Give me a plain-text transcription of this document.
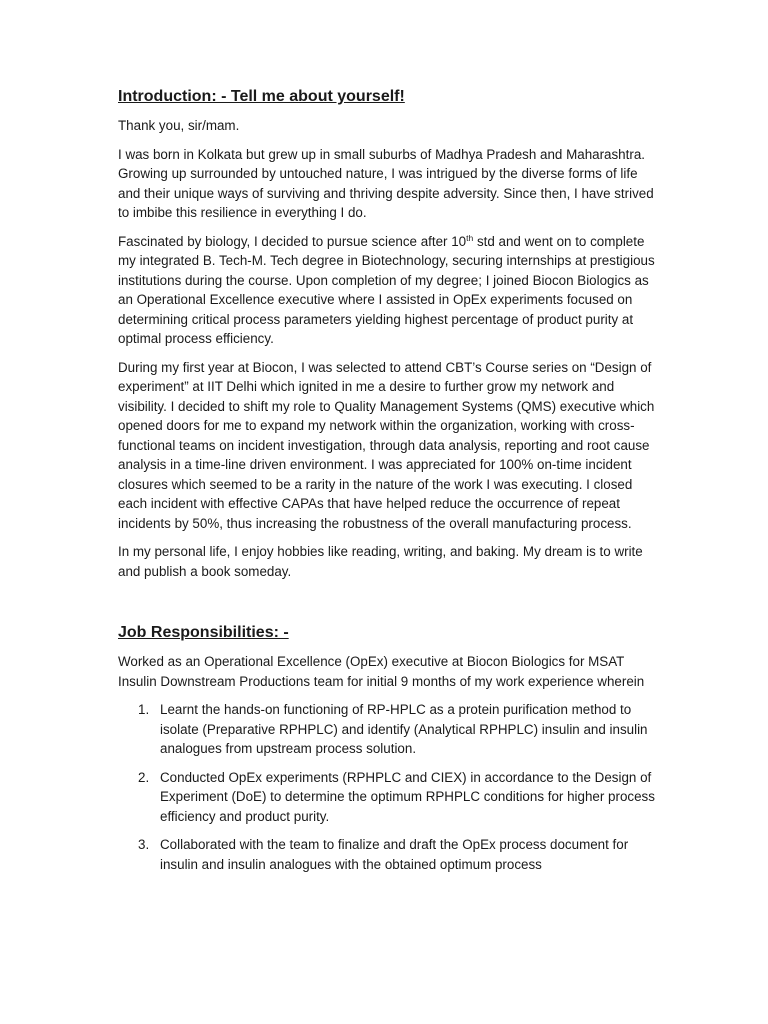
Introduction: - Tell me about yourself!

Thank you, sir/mam.

I was born in Kolkata but grew up in small suburbs of Madhya Pradesh and Maharashtra. Growing up surrounded by untouched nature, I was intrigued by the diverse forms of life and their unique ways of surviving and thriving despite adversity. Since then, I have strived to imbibe this resilience in everything I do.

Fascinated by biology, I decided to pursue science after 10th std and went on to complete my integrated B. Tech-M. Tech degree in Biotechnology, securing internships at prestigious institutions during the course. Upon completion of my degree; I joined Biocon Biologics as an Operational Excellence executive where I assisted in OpEx experiments focused on determining critical process parameters yielding highest percentage of product purity at optimal process efficiency.

During my first year at Biocon, I was selected to attend CBT’s Course series on “Design of experiment” at IIT Delhi which ignited in me a desire to further grow my network and visibility. I decided to shift my role to Quality Management Systems (QMS) executive which opened doors for me to expand my network within the organization, working with cross-functional teams on incident investigation, through data analysis, reporting and root cause analysis in a time-line driven environment. I was appreciated for 100% on-time incident closures which seemed to be a rarity in the nature of the work I was executing. I closed each incident with effective CAPAs that have helped reduce the occurrence of repeat incidents by 50%, thus increasing the robustness of the overall manufacturing process.

In my personal life, I enjoy hobbies like reading, writing, and baking. My dream is to write and publish a book someday.

Job Responsibilities: -

Worked as an Operational Excellence (OpEx) executive at Biocon Biologics for MSAT Insulin Downstream Productions team for initial 9 months of my work experience wherein

1. Learnt the hands-on functioning of RP-HPLC as a protein purification method to isolate (Preparative RPHPLC) and identify (Analytical RPHPLC) insulin and insulin analogues from upstream process solution.
2. Conducted OpEx experiments (RPHPLC and CIEX) in accordance to the Design of Experiment (DoE) to determine the optimum RPHPLC conditions for higher process efficiency and product purity.
3. Collaborated with the team to finalize and draft the OpEx process document for insulin and insulin analogues with the obtained optimum process
